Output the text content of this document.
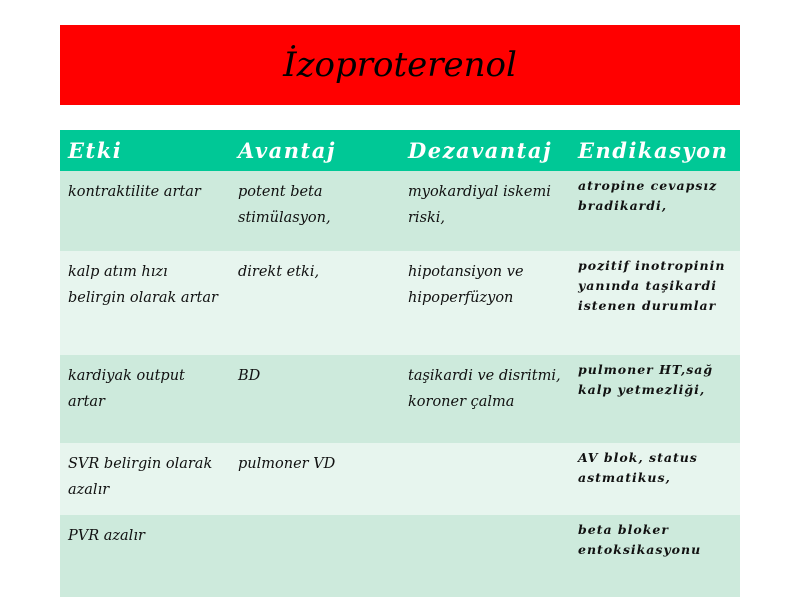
İzoproterenol
Etki	Avantaj	Dezavantaj	Endikasyon
kontraktilite artar	potent beta stimülasyon,	myokardiyal iskemi riski,	atropine cevapsız bradikardi,
kalp atım hızı belirgin olarak artar	direkt etki,	hipotansiyon ve hipoperfüzyon	pozitif inotropinin yanında taşikardi istenen durumlar
kardiyak output artar	BD	taşikardi ve disritmi, koroner çalma	pulmoner HT,sağ kalp yetmezliği,
SVR belirgin olarak azalır	pulmoner VD		AV blok, status astmatikus,
PVR azalır			beta bloker entoksikasyonu
